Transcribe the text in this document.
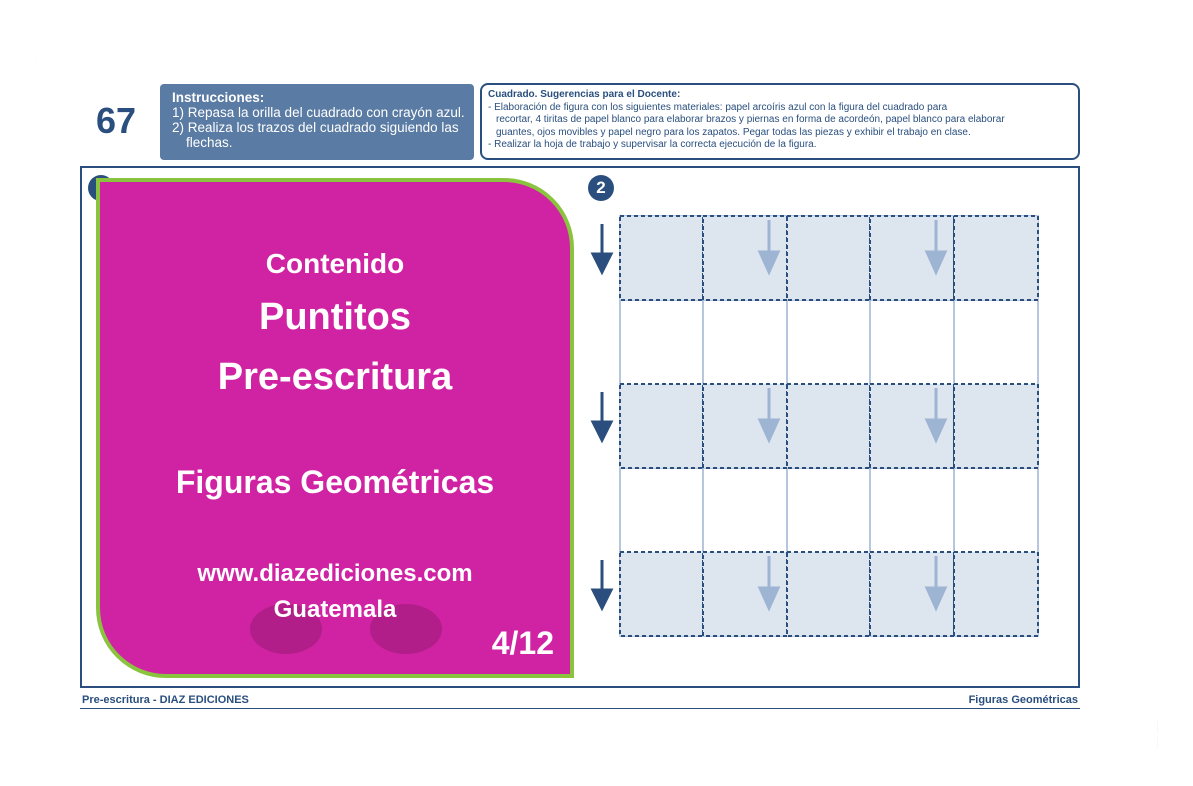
67
Instrucciones:
1) Repasa la orilla del cuadrado con crayón azul.
2) Realiza los trazos del cuadrado siguiendo las
flechas.
Cuadrado. Sugerencias para el Docente:
- Elaboración de figura con los siguientes materiales: papel arcoíris azul con la figura del cuadrado para
recortar, 4 tiritas de papel blanco para elaborar brazos y piernas en forma de acordeón, papel blanco para elaborar
guantes, ojos movibles y papel negro para los zapatos. Pegar todas las piezas y exhibir el trabajo en clase.
- Realizar la hoja de trabajo y supervisar la correcta ejecución de la figura.
2
Contenido
Puntitos
Pre-escritura
Figuras Geométricas
www.diazediciones.com
Guatemala
4/12
Pre-escritura - DIAZ EDICIONES	Figuras Geométricas
